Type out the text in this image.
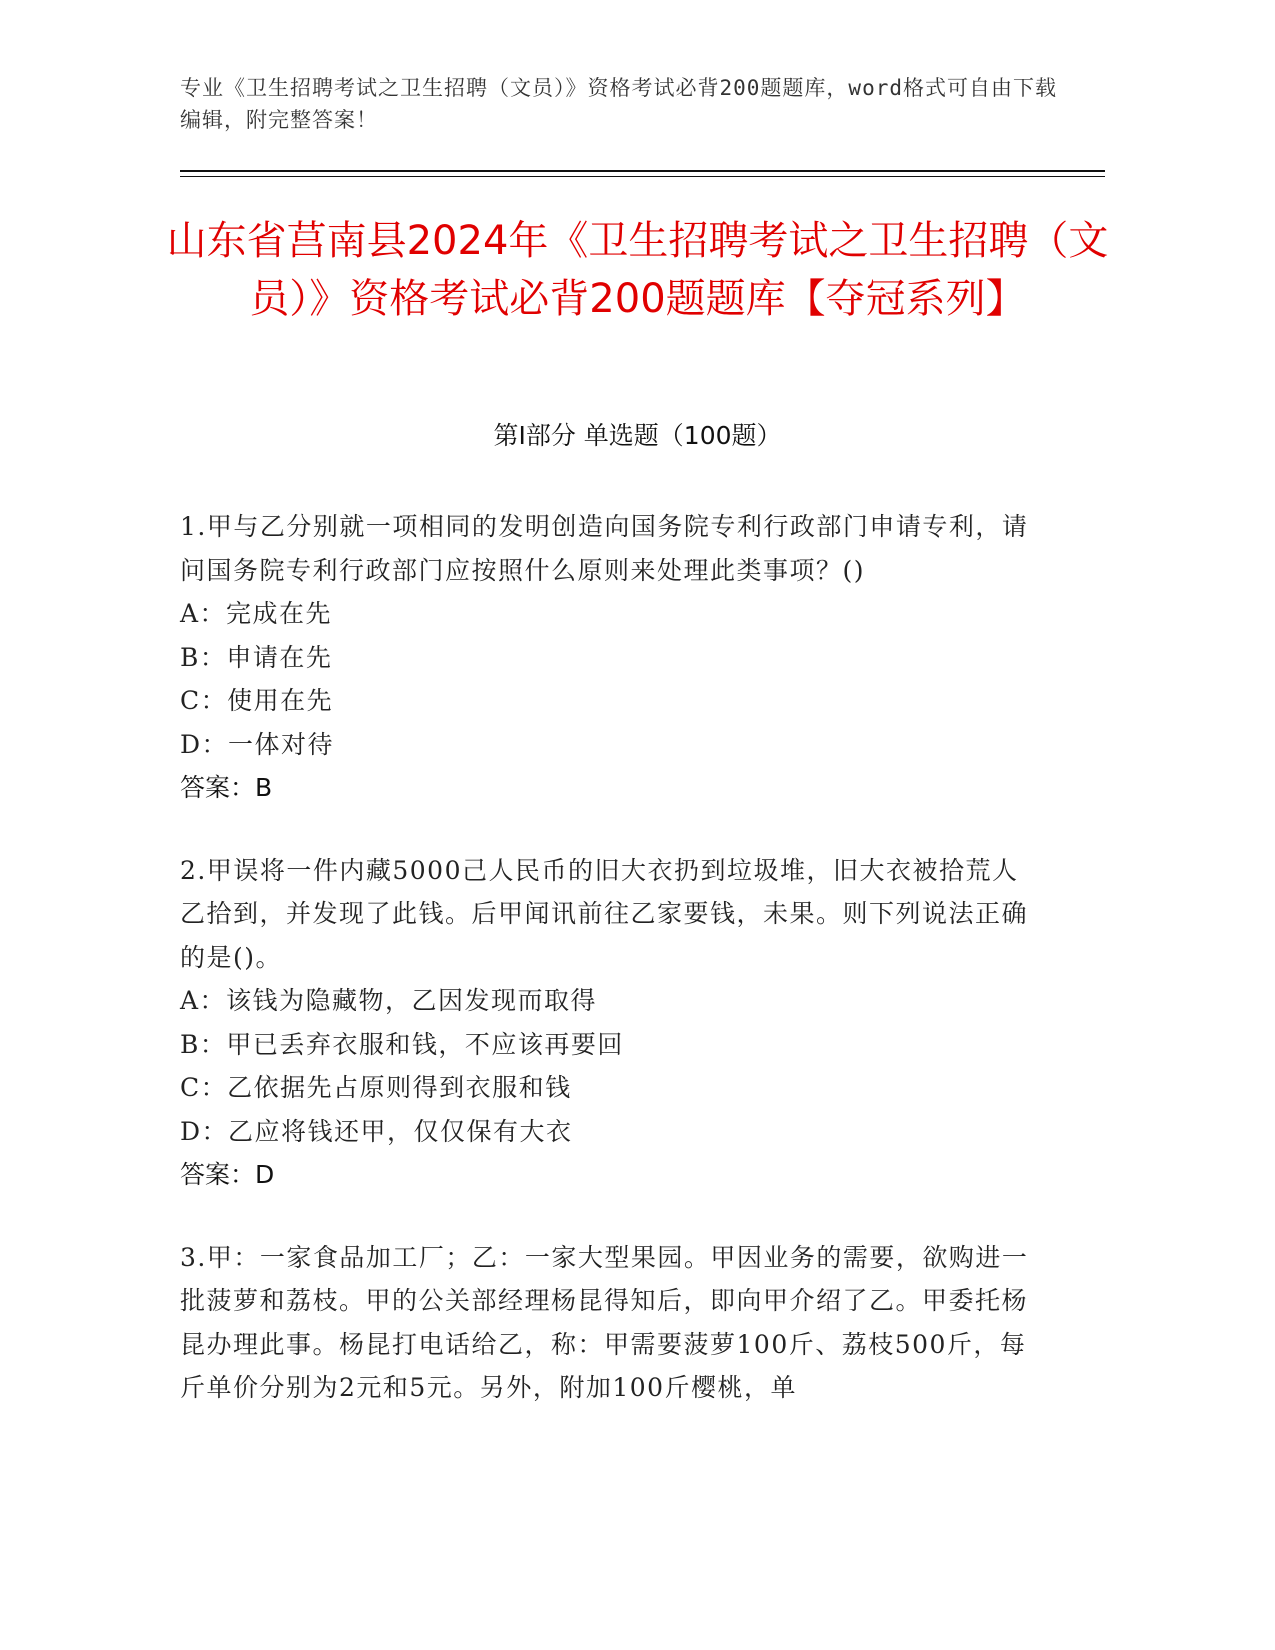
专业《卫生招聘考试之卫生招聘（文员）》资格考试必背200题题库，word格式可自由下载编辑，附完整答案！
山东省莒南县2024年《卫生招聘考试之卫生招聘（文员）》资格考试必背200题题库【夺冠系列】
第Ⅰ部分 单选题（100题）
1.甲与乙分别就一项相同的发明创造向国务院专利行政部门申请专利，请问国务院专利行政部门应按照什么原则来处理此类事项？()
A：完成在先
B：申请在先
C：使用在先
D：一体对待
答案：B
2.甲误将一件内藏5000己人民币的旧大衣扔到垃圾堆，旧大衣被拾荒人乙拾到，并发现了此钱。后甲闻讯前往乙家要钱，未果。则下列说法正确的是()。
A：该钱为隐藏物，乙因发现而取得
B：甲已丢弃衣服和钱，不应该再要回
C：乙依据先占原则得到衣服和钱
D：乙应将钱还甲，仅仅保有大衣
答案：D
3.甲：一家食品加工厂；乙：一家大型果园。甲因业务的需要，欲购进一批菠萝和荔枝。甲的公关部经理杨昆得知后，即向甲介绍了乙。甲委托杨昆办理此事。杨昆打电话给乙，称：甲需要菠萝100斤、荔枝500斤，每斤单价分别为2元和5元。另外，附加100斤樱桃，单
